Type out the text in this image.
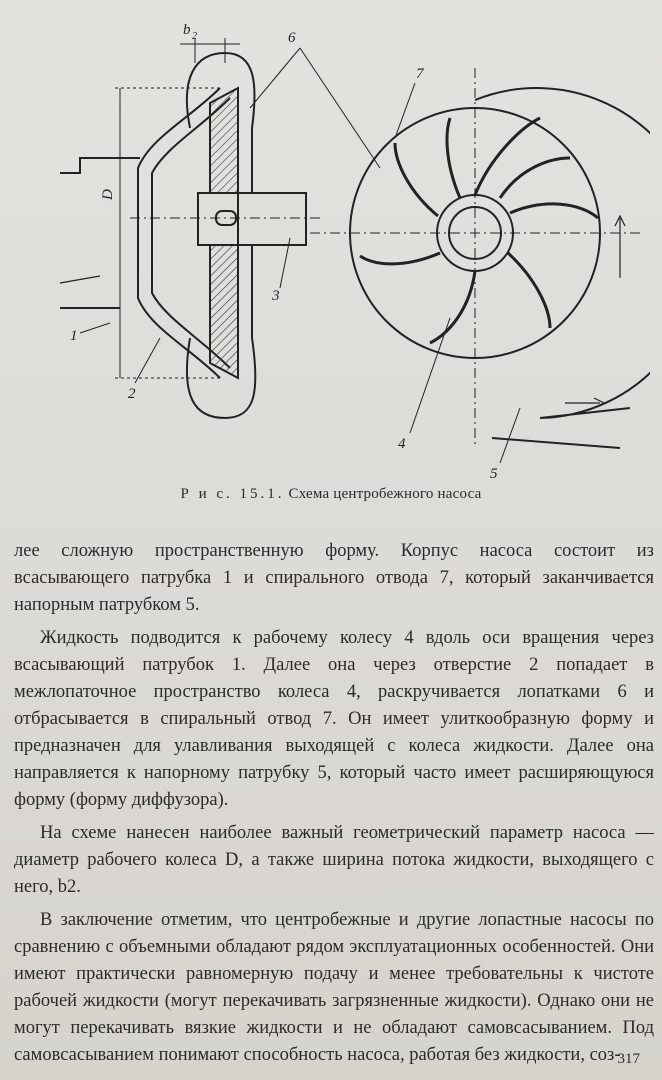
b 2	6
7
D
1
2
3
4
5
Р и с. 15.1. Схема центробежного насоса

лее сложную пространственную форму. Корпус насоса состоит из всасывающего патрубка 1 и спирального отвода 7, который заканчивается напорным патрубком 5.

Жидкость подводится к рабочему колесу 4 вдоль оси вращения через всасывающий патрубок 1. Далее она через отверстие 2 попадает в межлопаточное пространство колеса 4, раскручивается лопатками 6 и отбрасывается в спиральный отвод 7. Он имеет улиткообразную форму и предназначен для улавливания выходящей с колеса жидкости. Далее она направляется к напорному патрубку 5, который часто имеет расширяющуюся форму (форму диффузора).

На схеме нанесен наиболее важный геометрический параметр насоса — диаметр рабочего колеса D, а также ширина потока жидкости, выходящего с него, b2.

В заключение отметим, что центробежные и другие лопастные насосы по сравнению с объемными обладают рядом эксплуатационных особенностей. Они имеют практически равномерную подачу и менее требовательны к чистоте рабочей жидкости (могут перекачивать загрязненные жидкости). Однако они не могут перекачивать вязкие жидкости и не обладают самовсасыванием. Под самовсасыванием понимают способность насоса, работая без жидкости, соз-

317
